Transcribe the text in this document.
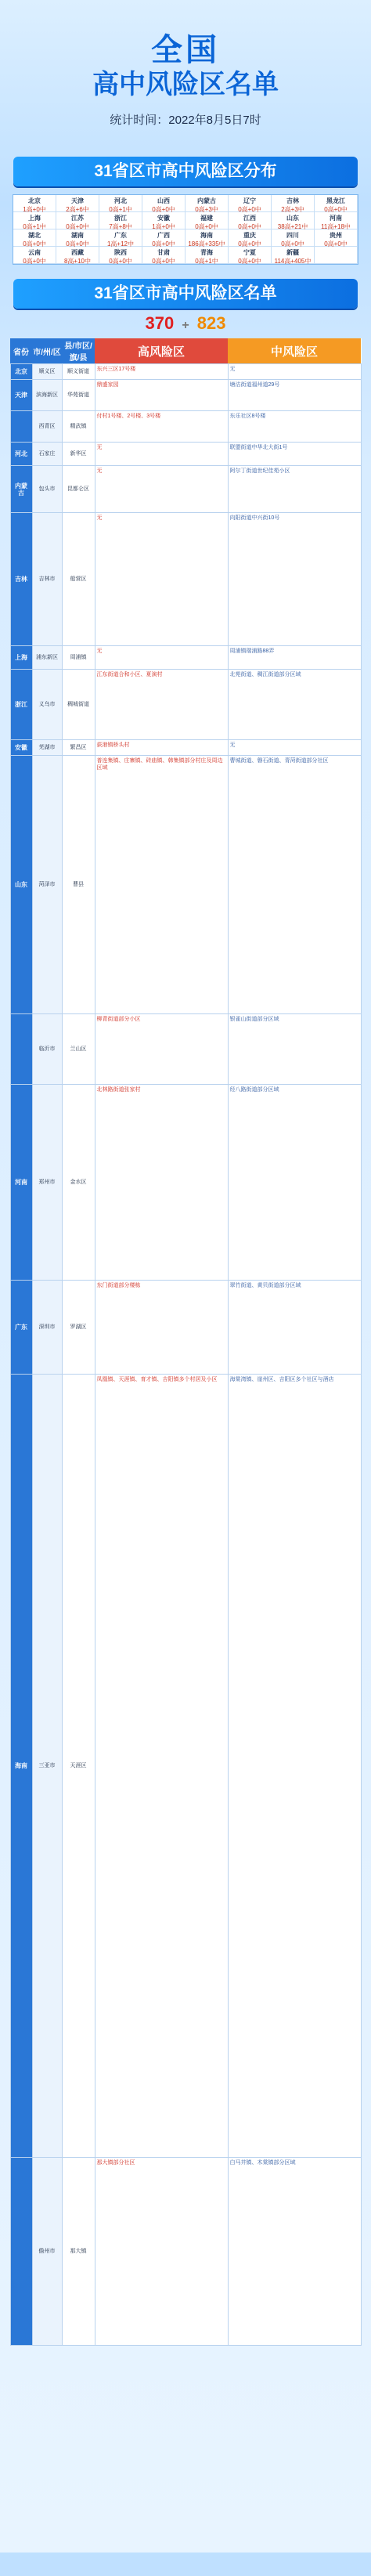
全国
高中风险区名单
统计时间：2022年8月5日7时
31省区市高中风险区分布
北京
1高+0中
天津
2高+6中
河北
0高+1中
山西
0高+0中
内蒙古
0高+3中
辽宁
0高+0中
吉林
2高+3中
黑龙江
0高+0中
上海
0高+1中
江苏
0高+0中
浙江
7高+8中
安徽
1高+0中
福建
0高+0中
江西
0高+0中
山东
38高+21中
河南
11高+18中
湖北
0高+0中
湖南
0高+0中
广东
1高+12中
广西
0高+0中
海南
186高+335中
重庆
0高+0中
四川
0高+0中
贵州
0高+0中
云南
0高+0中
西藏
8高+10中
陕西
0高+0中
甘肃
0高+0中
青海
0高+1中
宁夏
0高+0中
新疆
114高+405中
31省区市高中风险区名单
370 + 823
省份	市/州/区	县/市区/旗/县	高风险区	中风险区
北京	顺义区	顺义街道	东兴三区17号楼	无
天津	滨海新区	华苑街道	鼎盛家园	塘沽街道福州道29号
	西青区	精武镇	付村1号楼、2号楼、3号楼	东乐社区8号楼
河北	石家庄	新华区	无	联盟街道中华北大街1号
内蒙古	包头市	昆都仑区	无	阿尔丁街道世纪佳苑小区
吉林	吉林市	船营区	无	向阳街道中兴街10号
上海	浦东新区	周浦镇	无	周浦镇瑞浦路88弄
浙江	义乌市	稠城街道	江东街道合和小区、夏演村	北苑街道、稠江街道部分区域
安徽	芜湖市	繁昌区	荻港镇桥头村	无
山东	菏泽市	曹县	普连集镇、庄寨镇、砖庙镇、韩集镇部分村庄及周边区域	曹城街道、磐石街道、青菏街道部分社区
	临沂市	兰山区	柳青街道部分小区	银雀山街道部分区域
河南	郑州市	金水区	北林路街道张家村	经八路街道部分区域
广东	深圳市	罗湖区	东门街道部分楼栋	翠竹街道、黄贝街道部分区域
海南	三亚市	天涯区	凤凰镇、天涯镇、育才镇、吉阳镇多个村居及小区	海棠湾镇、崖州区、吉阳区多个社区与酒店
	儋州市	那大镇	那大镇部分社区	白马井镇、木棠镇部分区域
